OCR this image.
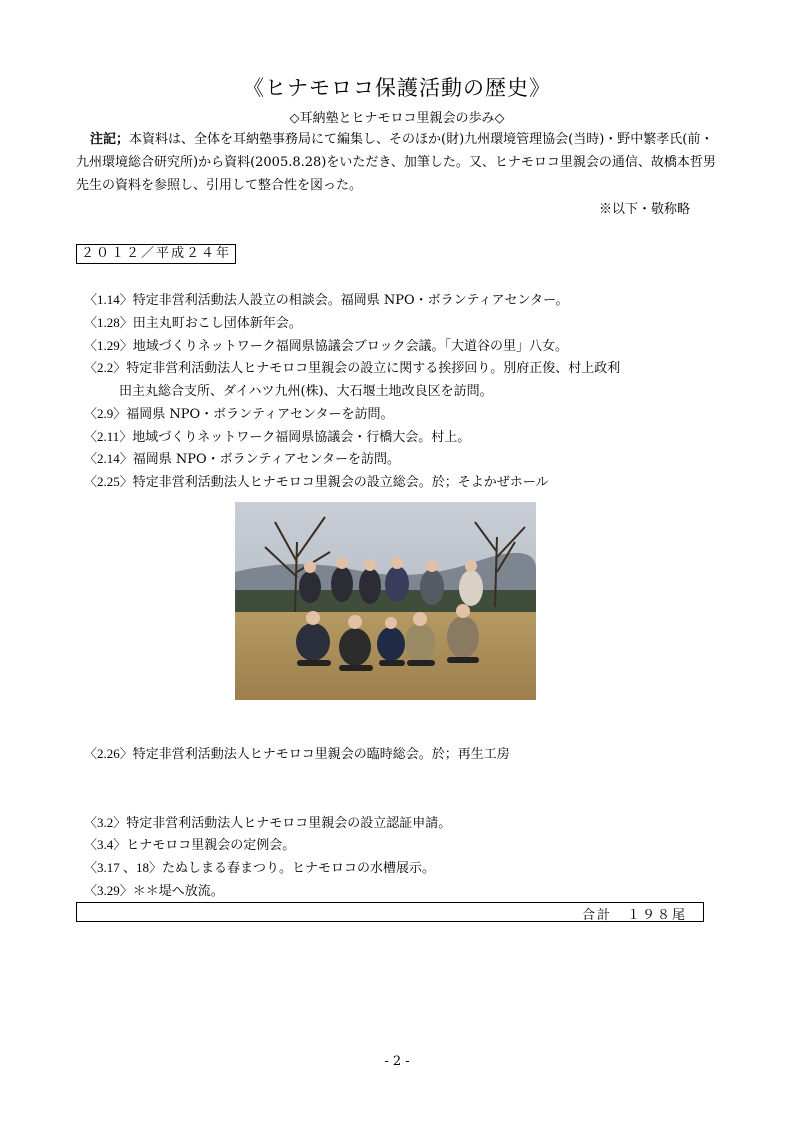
《ヒナモロコ保護活動の歴史》
◇耳納塾とヒナモロコ里親会の歩み◇
注記；本資料は、全体を耳納塾事務局にて編集し、そのほか(財)九州環境管理協会(当時)・野中繁孝氏(前・九州環境総合研究所)から資料(2005.8.28)をいただき、加筆した。又、ヒナモロコ里親会の通信、故橋本哲男先生の資料を参照し、引用して整合性を図った。
※以下・敬称略
２０１２／平成２４年
〈1.14〉特定非営利活動法人設立の相談会。福岡県 NPO・ボランティアセンター。
〈1.28〉田主丸町おこし団体新年会。
〈1.29〉地域づくりネットワーク福岡県協議会ブロック会議。「大道谷の里」八女。
〈2.2〉特定非営利活動法人ヒナモロコ里親会の設立に関する挨拶回り。別府正俊、村上政利
田主丸総合支所、ダイハツ九州(株)、大石堰土地改良区を訪問。
〈2.9〉福岡県 NPO・ボランティアセンターを訪問。
〈2.11〉地域づくりネットワーク福岡県協議会・行橋大会。村上。
〈2.14〉福岡県 NPO・ボランティアセンターを訪問。
〈2.25〉特定非営利活動法人ヒナモロコ里親会の設立総会。於；そよかぜホール
〈2.26〉特定非営利活動法人ヒナモロコ里親会の臨時総会。於；再生工房
〈3.2〉特定非営利活動法人ヒナモロコ里親会の設立認証申請。
〈3.4〉ヒナモロコ里親会の定例会。
〈3.17 、18〉たぬしまる春まつり。ヒナモロコの水槽展示。
〈3.29〉＊＊堤へ放流。
合計　１９８尾
- 2 -
